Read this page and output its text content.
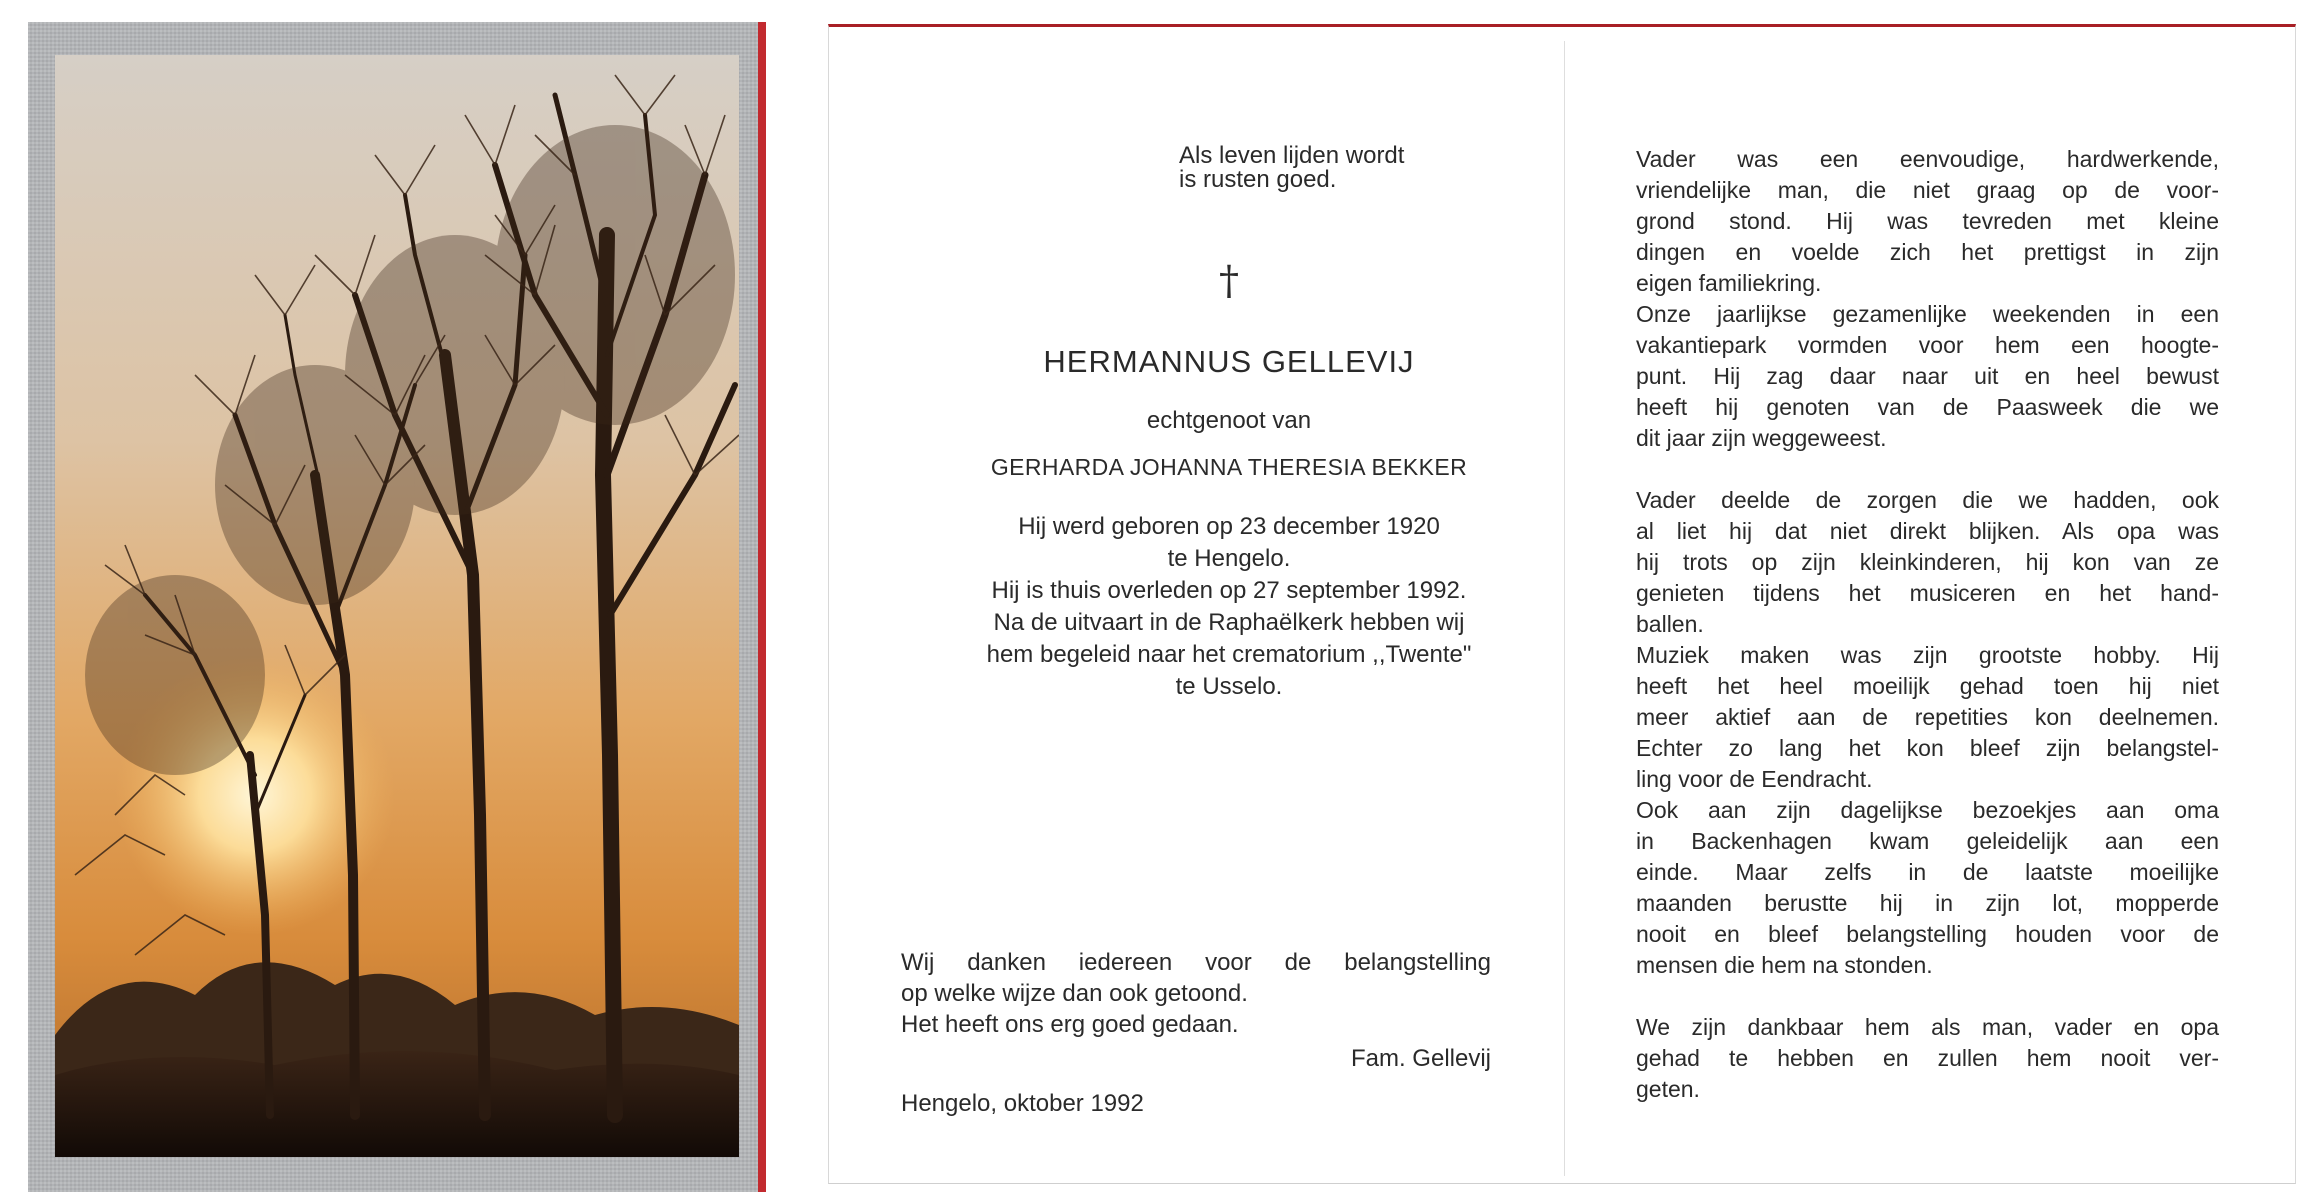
Als leven lijden wordt
is rusten goed.
†
HERMANNUS GELLEVIJ
echtgenoot van
GERHARDA JOHANNA THERESIA BEKKER
Hij werd geboren op 23 december 1920
te Hengelo.
Hij is thuis overleden op 27 september 1992.
Na de uitvaart in de Raphaëlkerk hebben wij
hem begeleid naar het crematorium ,,Twente"
te Usselo.
Wij danken iedereen voor de belangstelling
op welke wijze dan ook getoond.
Het heeft ons erg goed gedaan.
Fam. Gellevij
Hengelo, oktober 1992
Vader was een eenvoudige, hardwerkende,
vriendelijke man, die niet graag op de voor-
grond stond. Hij was tevreden met kleine
dingen en voelde zich het prettigst in zijn
eigen familiekring.
Onze jaarlijkse gezamenlijke weekenden in een
vakantiepark vormden voor hem een hoogte-
punt. Hij zag daar naar uit en heel bewust
heeft hij genoten van de Paasweek die we
dit jaar zijn weggeweest.
Vader deelde de zorgen die we hadden, ook
al liet hij dat niet direkt blijken. Als opa was
hij trots op zijn kleinkinderen, hij kon van ze
genieten tijdens het musiceren en het hand-
ballen.
Muziek maken was zijn grootste hobby. Hij
heeft het heel moeilijk gehad toen hij niet
meer aktief aan de repetities kon deelnemen.
Echter zo lang het kon bleef zijn belangstel-
ling voor de Eendracht.
Ook aan zijn dagelijkse bezoekjes aan oma
in Backenhagen kwam geleidelijk aan een
einde. Maar zelfs in de laatste moeilijke
maanden berustte hij in zijn lot, mopperde
nooit en bleef belangstelling houden voor de
mensen die hem na stonden.
We zijn dankbaar hem als man, vader en opa
gehad te hebben en zullen hem nooit ver-
geten.
